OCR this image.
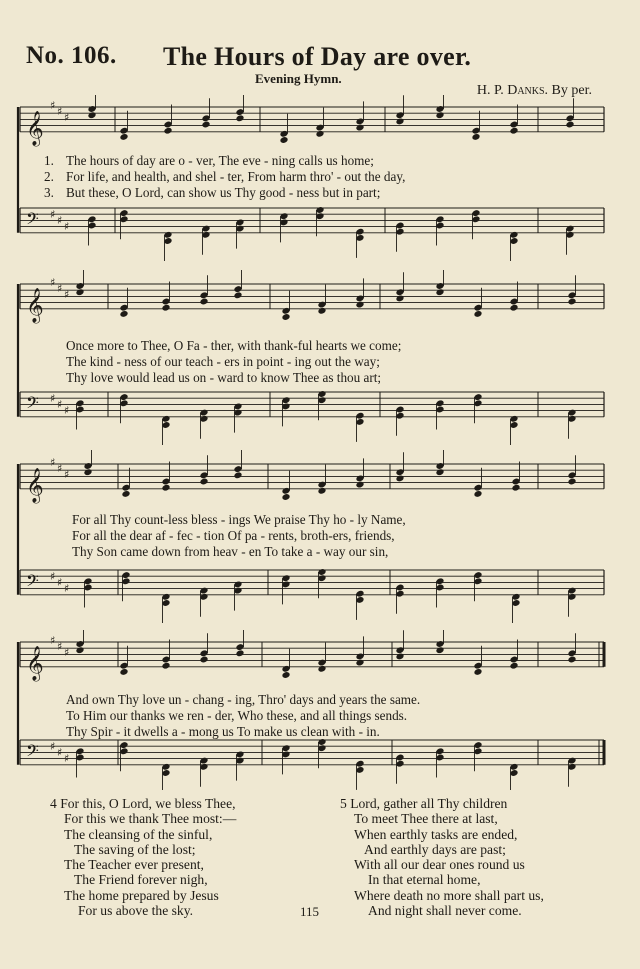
No. 106. The Hours of Day are over.
Evening Hymn.
H. P. Danks. By per.
𝄞
♯ ♯ ♯
𝄢 ♯ ♯ ♯
1. The hours of day are o - ver, The eve - ning calls us home;
2. For life, and health, and shel - ter, From harm thro' - out the day,
3. But these, O Lord, can show us Thy good - ness but in part;
𝄞
♯ ♯ ♯
𝄢 ♯ ♯ ♯
Once more to Thee, O Fa - ther, with thank-ful hearts we come;
The kind - ness of our teach - ers in point - ing out the way;
Thy love would lead us on - ward to know Thee as thou art;
𝄞
♯ ♯ ♯
𝄢 ♯ ♯ ♯
For all Thy count-less bless - ings We praise Thy ho - ly Name,
For all the dear af - fec - tion Of pa - rents, broth-ers, friends,
Thy Son came down from heav - en To take a - way our sin,
𝄞
♯ ♯ ♯
𝄢 ♯ ♯ ♯
And own Thy love un - chang - ing, Thro' days and years the same.
To Him our thanks we ren - der, Who these, and all things sends.
Thy Spir - it dwells a - mong us To make us clean with - in.
4 For this, O Lord, we bless Thee,
For this we thank Thee most:—
The cleansing of the sinful,
The saving of the lost;
The Teacher ever present,
The Friend forever nigh,
The home prepared by Jesus
For us above the sky.
5 Lord, gather all Thy children
To meet Thee there at last,
When earthly tasks are ended,
And earthly days are past;
With all our dear ones round us
In that eternal home,
Where death no more shall part us,
And night shall never come.
115
